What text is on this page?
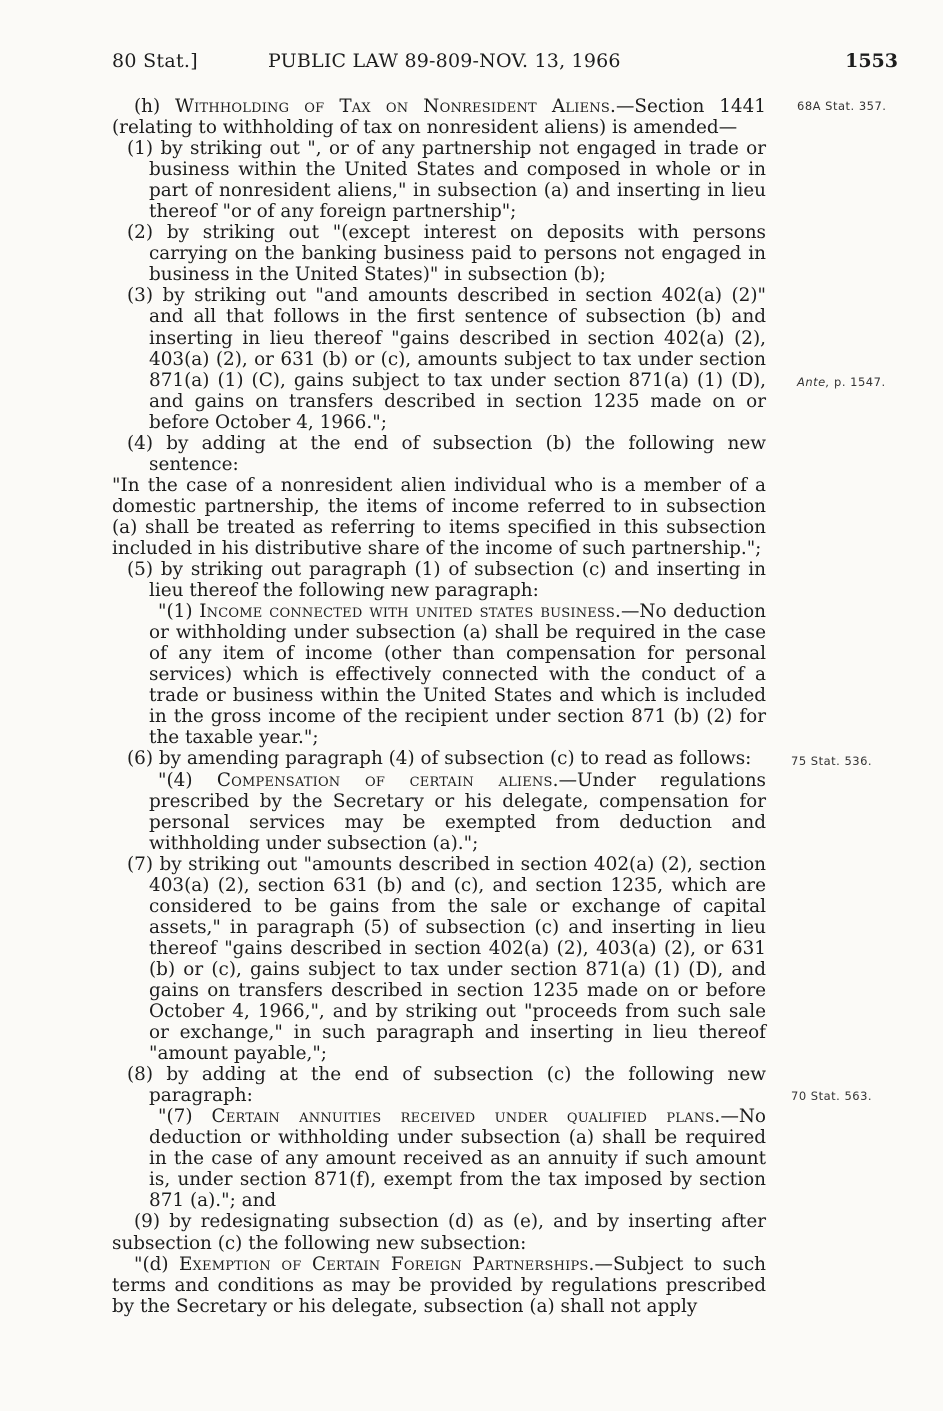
80 Stat.]	PUBLIC LAW 89-809-NOV. 13, 1966	1553
68A Stat. 357.
Ante, p. 1547.
75 Stat. 536.
70 Stat. 563.

(h) Withholding of Tax on Nonresident Aliens.—Section 1441 (relating to withholding of tax on nonresident aliens) is amended—

(1) by striking out ", or of any partnership not engaged in trade or business within the United States and composed in whole or in part of nonresident aliens," in subsection (a) and inserting in lieu thereof "or of any foreign partnership";

(2) by striking out "(except interest on deposits with persons carrying on the banking business paid to persons not engaged in business in the United States)" in subsection (b);

(3) by striking out "and amounts described in section 402(a) (2)" and all that follows in the first sentence of subsection (b) and inserting in lieu thereof "gains described in section 402(a) (2), 403(a) (2), or 631 (b) or (c), amounts subject to tax under section 871(a) (1) (C), gains subject to tax under section 871(a) (1) (D), and gains on transfers described in section 1235 made on or before October 4, 1966.";

(4) by adding at the end of subsection (b) the following new sentence:

"In the case of a nonresident alien individual who is a member of a domestic partnership, the items of income referred to in subsection (a) shall be treated as referring to items specified in this subsection included in his distributive share of the income of such partnership.";

(5) by striking out paragraph (1) of subsection (c) and inserting in lieu thereof the following new paragraph:

"(1) Income connected with united states business.—No deduction or withholding under subsection (a) shall be required in the case of any item of income (other than compensation for personal services) which is effectively connected with the conduct of a trade or business within the United States and which is included in the gross income of the recipient under section 871 (b) (2) for the taxable year.";

(6) by amending paragraph (4) of subsection (c) to read as follows:

"(4) Compensation of certain aliens.—Under regulations prescribed by the Secretary or his delegate, compensation for personal services may be exempted from deduction and withholding under subsection (a).";

(7) by striking out "amounts described in section 402(a) (2), section 403(a) (2), section 631 (b) and (c), and section 1235, which are considered to be gains from the sale or exchange of capital assets," in paragraph (5) of subsection (c) and inserting in lieu thereof "gains described in section 402(a) (2), 403(a) (2), or 631 (b) or (c), gains subject to tax under section 871(a) (1) (D), and gains on transfers described in section 1235 made on or before October 4, 1966,", and by striking out "proceeds from such sale or exchange," in such paragraph and inserting in lieu thereof "amount payable,";

(8) by adding at the end of subsection (c) the following new paragraph:

"(7) Certain annuities received under qualified plans.—No deduction or withholding under subsection (a) shall be required in the case of any amount received as an annuity if such amount is, under section 871(f), exempt from the tax imposed by section 871 (a)."; and

(9) by redesignating subsection (d) as (e), and by inserting after subsection (c) the following new subsection:

"(d) Exemption of Certain Foreign Partnerships.—Subject to such terms and conditions as may be provided by regulations prescribed by the Secretary or his delegate, subsection (a) shall not apply
